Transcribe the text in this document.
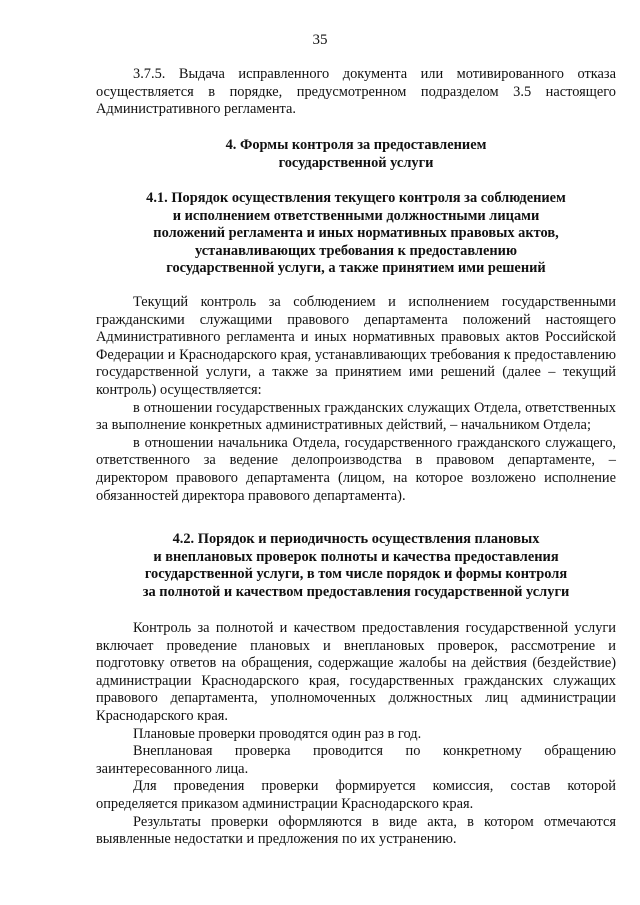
35

3.7.5. Выдача исправленного документа или мотивированного отказа осуществляется в порядке, предусмотренном подразделом 3.5 настоящего Административного регламента.

4. Формы контроля за предоставлением
государственной услуги
4.1. Порядок осуществления текущего контроля за соблюдением
и исполнением ответственными должностными лицами
положений регламента и иных нормативных правовых актов,
устанавливающих требования к предоставлению
государственной услуги, а также принятием ими решений

Текущий контроль за соблюдением и исполнением государственными гражданскими служащими правового департамента положений настоящего Административного регламента и иных нормативных правовых актов Российской Федерации и Краснодарского края, устанавливающих требования к предоставлению государственной услуги, а также за принятием ими решений (далее – текущий контроль) осуществляется:

в отношении государственных гражданских служащих Отдела, ответственных за выполнение конкретных административных действий, – начальником Отдела;

в отношении начальника Отдела, государственного гражданского служащего, ответственного за ведение делопроизводства в правовом департаменте, – директором правового департамента (лицом, на которое возложено исполнение обязанностей директора правового департамента).

4.2. Порядок и периодичность осуществления плановых
и внеплановых проверок полноты и качества предоставления
государственной услуги, в том числе порядок и формы контроля
за полнотой и качеством предоставления государственной услуги

Контроль за полнотой и качеством предоставления государственной услуги включает проведение плановых и внеплановых проверок, рассмотрение и подготовку ответов на обращения, содержащие жалобы на действия (бездействие) администрации Краснодарского края, государственных гражданских служащих правового департамента, уполномоченных должностных лиц администрации Краснодарского края.

Плановые проверки проводятся один раз в год.

Внеплановая проверка проводится по конкретному обращению заинтересованного лица.

Для проведения проверки формируется комиссия, состав которой определяется приказом администрации Краснодарского края.

Результаты проверки оформляются в виде акта, в котором отмечаются выявленные недостатки и предложения по их устранению.
